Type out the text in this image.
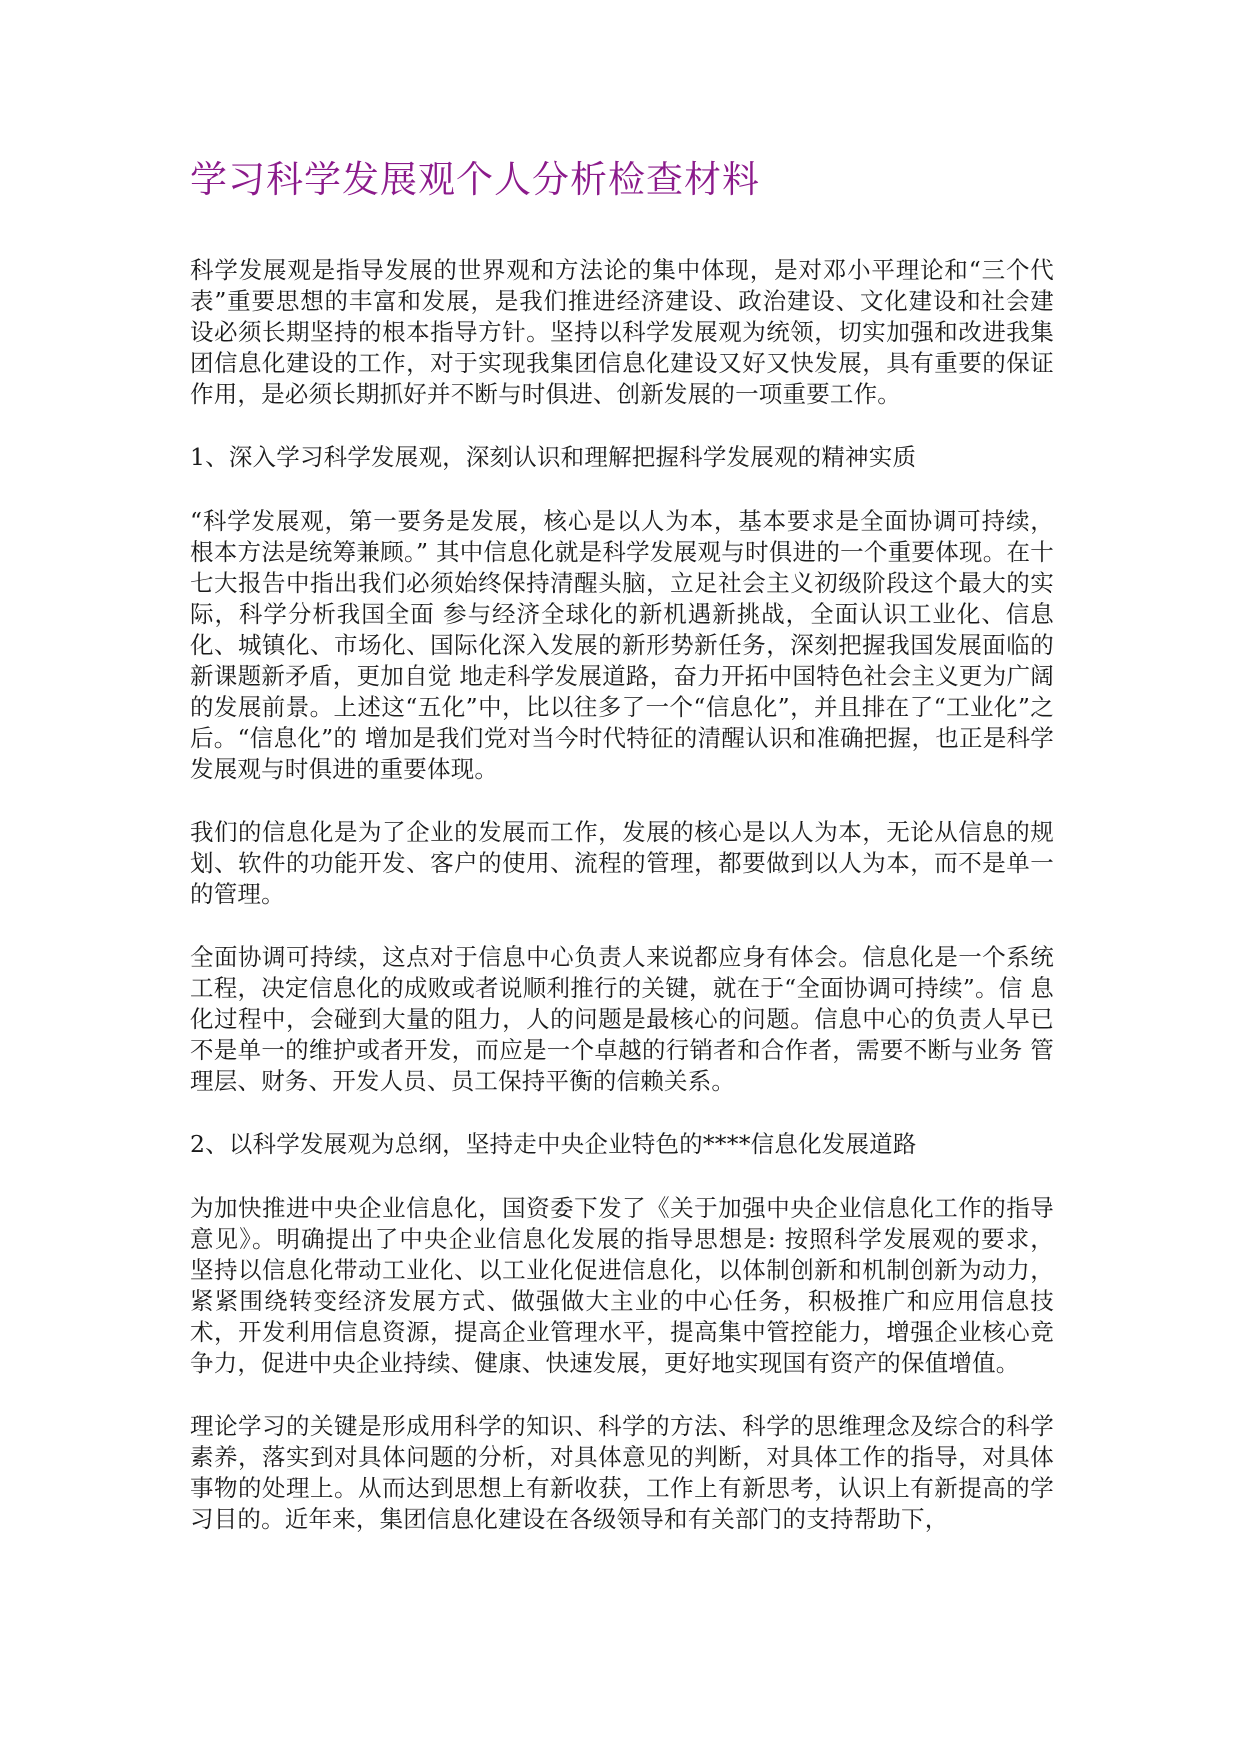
学习科学发展观个人分析检查材料

科学发展观是指导发展的世界观和方法论的集中体现，是对邓小平理论和“三个代表”重要思想的丰富和发展，是我们推进经济建设、政治建设、文化建设和社会建 设必须长期坚持的根本指导方针。坚持以科学发展观为统领，切实加强和改进我集团信息化建设的工作，对于实现我集团信息化建设又好又快发展，具有重要的保证 作用，是必须长期抓好并不断与时俱进、创新发展的一项重要工作。

1、深入学习科学发展观，深刻认识和理解把握科学发展观的精神实质

“科学发展观，第一要务是发展，核心是以人为本，基本要求是全面协调可持续，根本方法是统筹兼顾。” 其中信息化就是科学发展观与时俱进的一个重要体现。在十七大报告中指出我们必须始终保持清醒头脑，立足社会主义初级阶段这个最大的实际，科学分析我国全面 参与经济全球化的新机遇新挑战，全面认识工业化、信息化、城镇化、市场化、国际化深入发展的新形势新任务，深刻把握我国发展面临的新课题新矛盾，更加自觉 地走科学发展道路，奋力开拓中国特色社会主义更为广阔的发展前景。上述这“五化”中，比以往多了一个“信息化”，并且排在了“工业化”之后。“信息化”的 增加是我们党对当今时代特征的清醒认识和准确把握，也正是科学发展观与时俱进的重要体现。

我们的信息化是为了企业的发展而工作，发展的核心是以人为本，无论从信息的规划、软件的功能开发、客户的使用、流程的管理，都要做到以人为本，而不是单一的管理。

全面协调可持续，这点对于信息中心负责人来说都应身有体会。信息化是一个系统工程，决定信息化的成败或者说顺利推行的关键，就在于“全面协调可持续”。信 息化过程中，会碰到大量的阻力，人的问题是最核心的问题。信息中心的负责人早已不是单一的维护或者开发，而应是一个卓越的行销者和合作者，需要不断与业务 管理层、财务、开发人员、员工保持平衡的信赖关系。

2、以科学发展观为总纲，坚持走中央企业特色的****信息化发展道路

为加快推进中央企业信息化，国资委下发了《关于加强中央企业信息化工作的指导意见》。明确提出了中央企业信息化发展的指导思想是: 按照科学发展观的要求， 坚持以信息化带动工业化、以工业化促进信息化，以体制创新和机制创新为动力，紧紧围绕转变经济发展方式、做强做大主业的中心任务，积极推广和应用信息技 术，开发利用信息资源，提高企业管理水平，提高集中管控能力，增强企业核心竞争力，促进中央企业持续、健康、快速发展，更好地实现国有资产的保值增值。

理论学习的关键是形成用科学的知识、科学的方法、科学的思维理念及综合的科学素养，落实到对具体问题的分析，对具体意见的判断，对具体工作的指导，对具体 事物的处理上。从而达到思想上有新收获，工作上有新思考，认识上有新提高的学习目的。近年来，集团信息化建设在各级领导和有关部门的支持帮助下，
